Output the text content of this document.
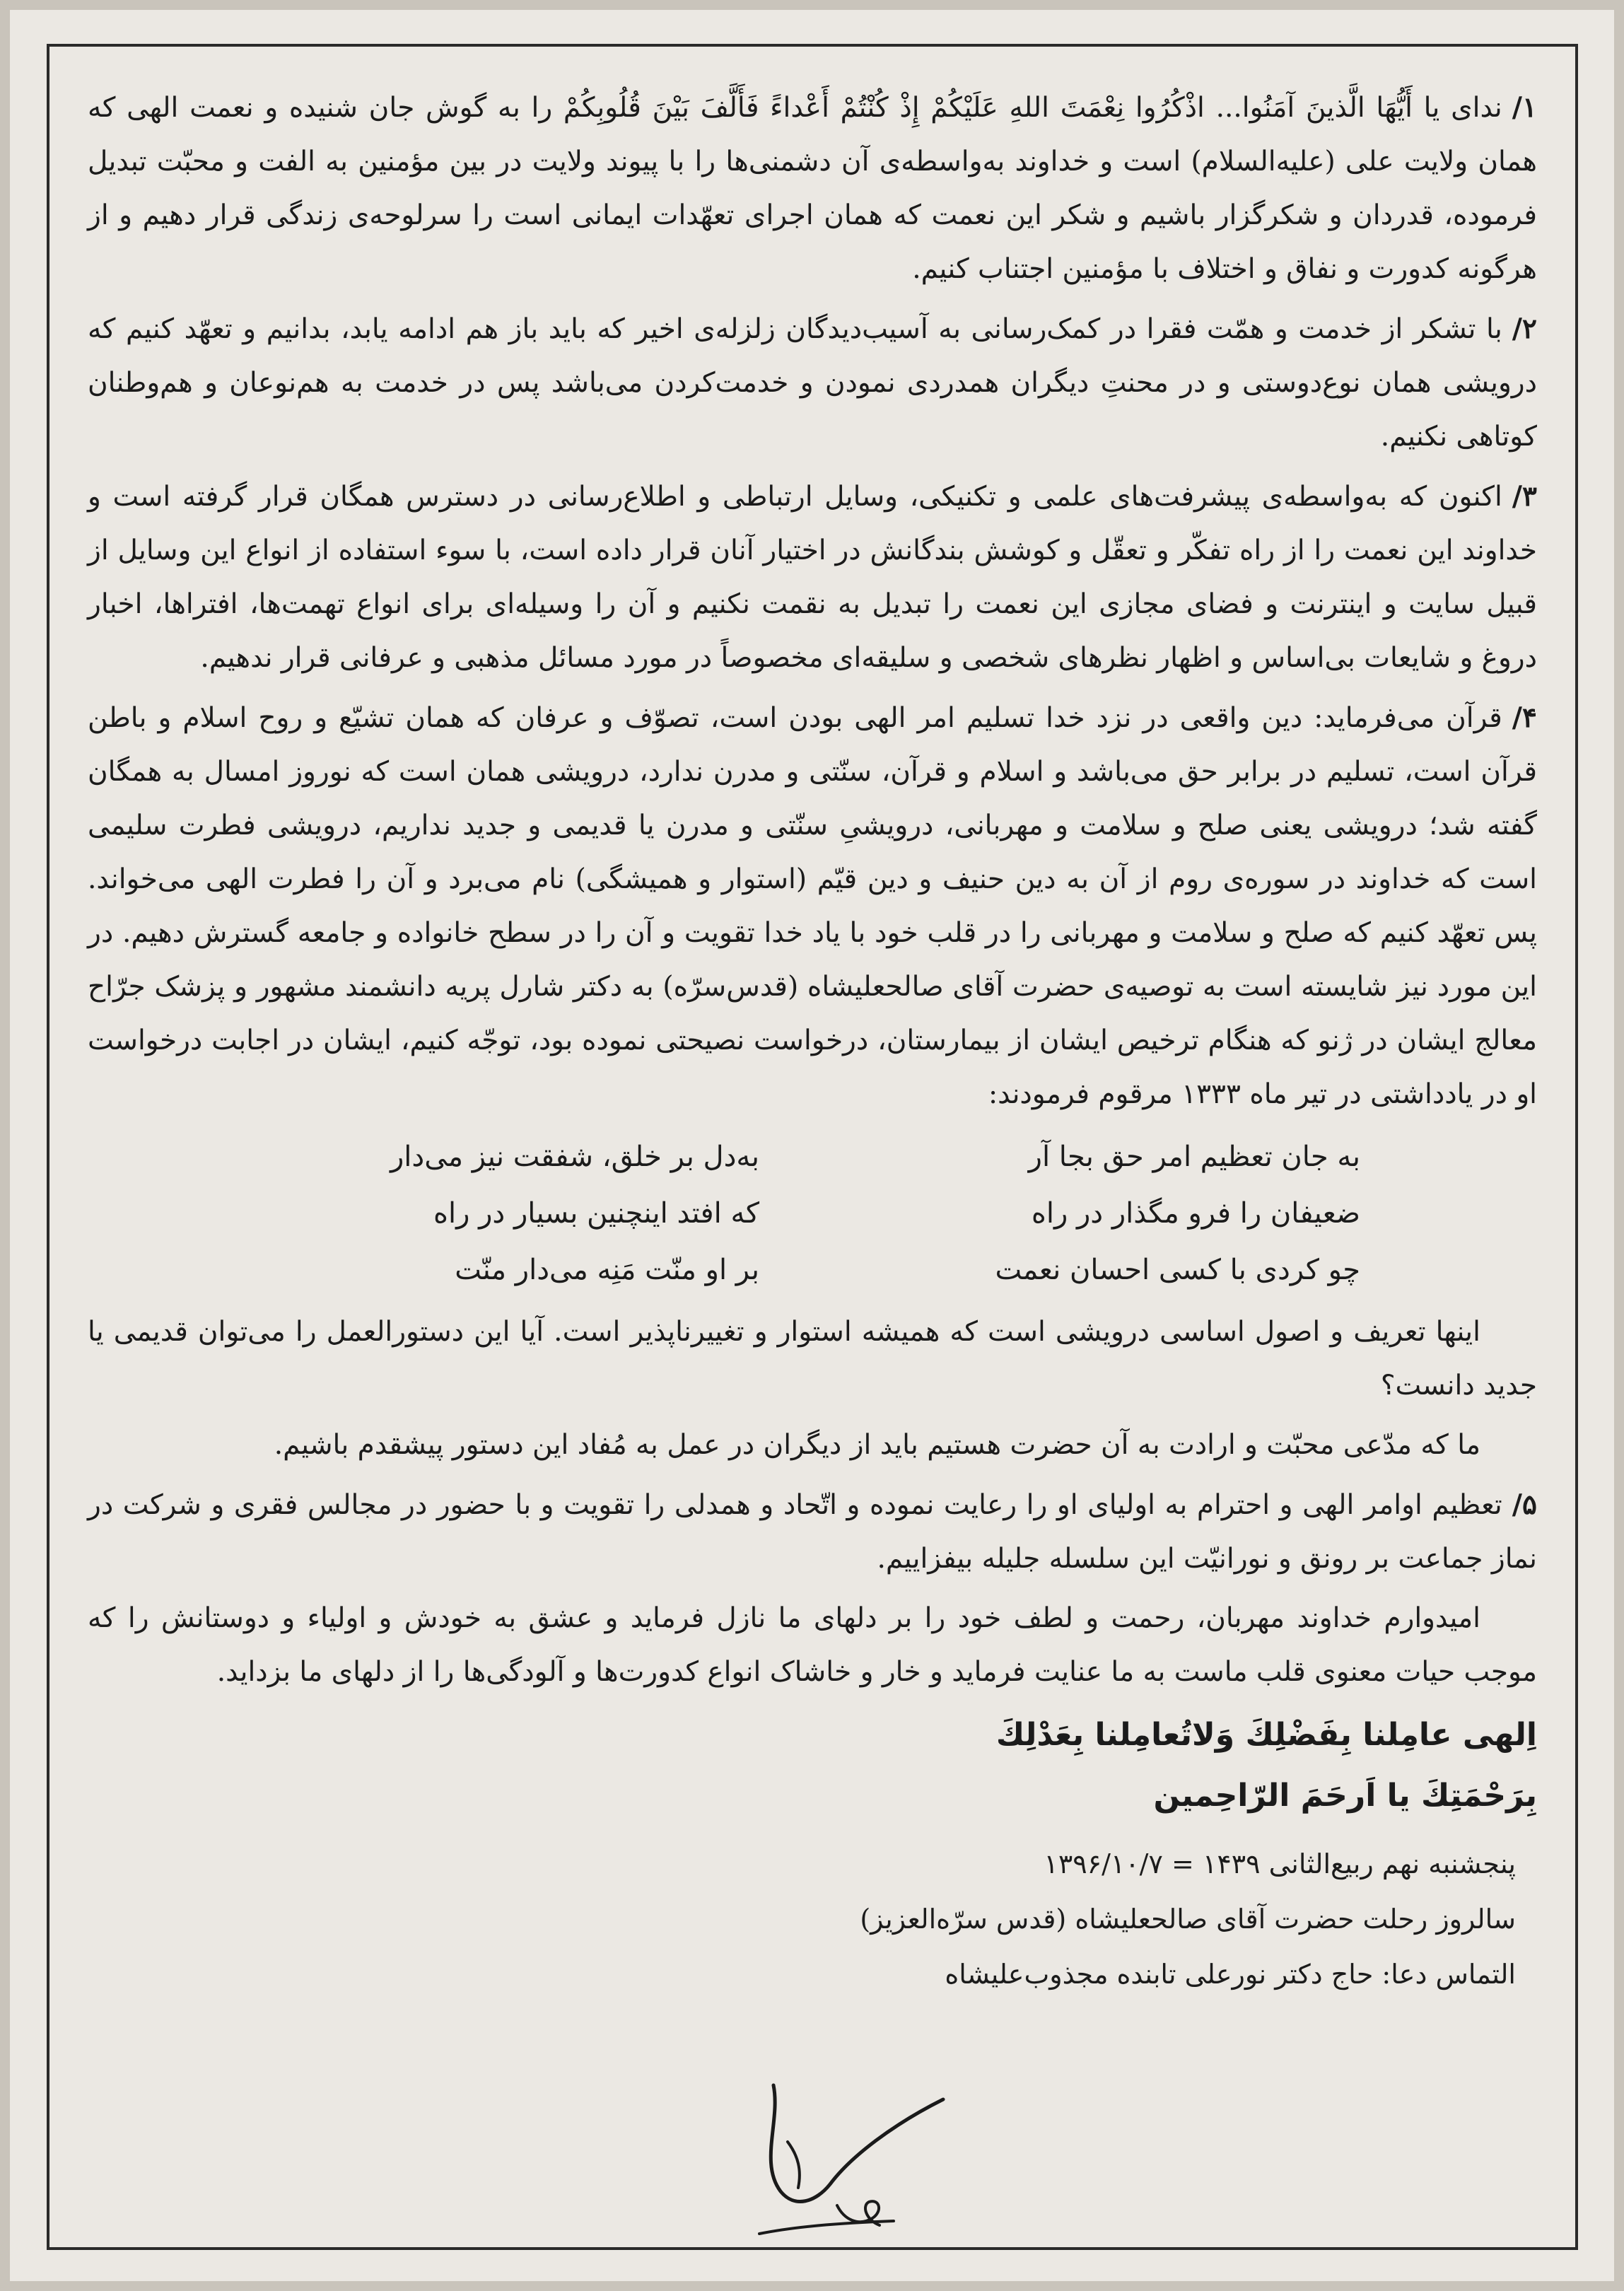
۱/ندای یا أَیُّهَا الَّذینَ آمَنُوا... اذْکُرُوا نِعْمَتَ اللهِ عَلَیْکُمْ إِذْ کُنْتُمْ أَعْداءً فَأَلَّفَ بَیْنَ قُلُوبِکُمْ را به گوش جان شنیده و نعمت الهی که همان ولایت علی (علیه‌السلام) است و خداوند به‌واسطه‌ی آن دشمنی‌ها را با پیوند ولایت در بین مؤمنین به الفت و محبّت تبدیل فرموده، قدردان و شکرگزار باشیم و شکر این نعمت که همان اجرای تعهّدات ایمانی است را سرلوحه‌ی زندگی قرار دهیم و از هرگونه کدورت و نفاق و اختلاف با مؤمنین اجتناب کنیم.

۲/با تشکر از خدمت و همّت فقرا در کمک‌رسانی به آسیب‌دیدگان زلزله‌ی اخیر که باید باز هم ادامه یابد، بدانیم و تعهّد کنیم که درویشی همان نوع‌دوستی و در محنتِ دیگران همدردی نمودن و خدمت‌کردن می‌باشد پس در خدمت به هم‌نوعان و هم‌وطنان کوتاهی نکنیم.

۳/اکنون که به‌واسطه‌ی پیشرفت‌های علمی و تکنیکی، وسایل ارتباطی و اطلاع‌رسانی در دسترس همگان قرار گرفته است و خداوند این نعمت را از راه تفکّر و تعقّل و کوشش بندگانش در اختیار آنان قرار داده است، با سوء استفاده از انواع این وسایل از قبیل سایت و اینترنت و فضای مجازی این نعمت را تبدیل به نقمت نکنیم و آن را وسیله‌ای برای انواع تهمت‌ها، افتراها، اخبار دروغ و شایعات بی‌اساس و اظهار نظرهای شخصی و سلیقه‌ای مخصوصاً در مورد مسائل مذهبی و عرفانی قرار ندهیم.

۴/قرآن می‌فرماید: دین واقعی در نزد خدا تسلیم امر الهی بودن است، تصوّف و عرفان که همان تشیّع و روح اسلام و باطن قرآن است، تسلیم در برابر حق می‌باشد و اسلام و قرآن، سنّتی و مدرن ندارد، درویشی همان است که نوروز امسال به همگان گفته شد؛ درویشی یعنی صلح و سلامت و مهربانی، درویشیِ سنّتی و مدرن یا قدیمی و جدید نداریم، درویشی فطرت سلیمی است که خداوند در سوره‌ی روم از آن به دین حنیف و دین قیّم (استوار و همیشگی) نام می‌برد و آن را فطرت الهی می‌خواند. پس تعهّد کنیم که صلح و سلامت و مهربانی را در قلب خود با یاد خدا تقویت و آن را در سطح خانواده و جامعه گسترش دهیم. در این مورد نیز شایسته است به توصیه‌ی حضرت آقای صالحعلیشاه (قدس‌سرّه) به دکتر شارل پریه دانشمند مشهور و پزشک جرّاح معالج ایشان در ژنو که هنگام ترخیص ایشان از بیمارستان، درخواست نصیحتی نموده بود، توجّه کنیم، ایشان در اجابت درخواست او در یادداشتی در تیر ماه ۱۳۳۳ مرقوم فرمودند:

به جان تعظیم امر حق بجا آر
به‌دل بر خلق، شفقت نیز می‌دار
ضعیفان را فرو مگذار در راه
که افتد اینچنین بسیار در راه
چو کردی با کسی احسان نعمت
بر او منّت مَنِه می‌دار منّت

اینها تعریف و اصول اساسی درویشی است که همیشه استوار و تغییرناپذیر است. آیا این دستورالعمل را می‌توان قدیمی یا جدید دانست؟

ما که مدّعی محبّت و ارادت به آن حضرت هستیم باید از دیگران در عمل به مُفاد این دستور پیشقدم باشیم.

۵/تعظیم اوامر الهی و احترام به اولیای او را رعایت نموده و اتّحاد و همدلی را تقویت و با حضور در مجالس فقری و شرکت در نماز جماعت بر رونق و نورانیّت این سلسله جلیله بیفزاییم.

امیدوارم خداوند مهربان، رحمت و لطف خود را بر دلهای ما نازل فرماید و عشق به خودش و اولیاء و دوستانش را که موجب حیات معنوی قلب ماست به ما عنایت فرماید و خار و خاشاک انواع کدورت‌ها و آلودگی‌ها را از دلهای ما بزداید.

اِلهی عامِلنا بِفَضْلِكَ وَلاتُعامِلنا بِعَدْلِكَ
بِرَحْمَتِكَ یا اَرحَمَ الرّاحِمین
پنجشنبه نهم ربیع‌الثانی ۱۴۳۹ = ۱۳۹۶/۱۰/۷
سالروز رحلت حضرت آقای صالحعلیشاه (قدس سرّه‌العزیز)
التماس دعا: حاج دکتر نورعلی تابنده مجذوب‌علیشاه
